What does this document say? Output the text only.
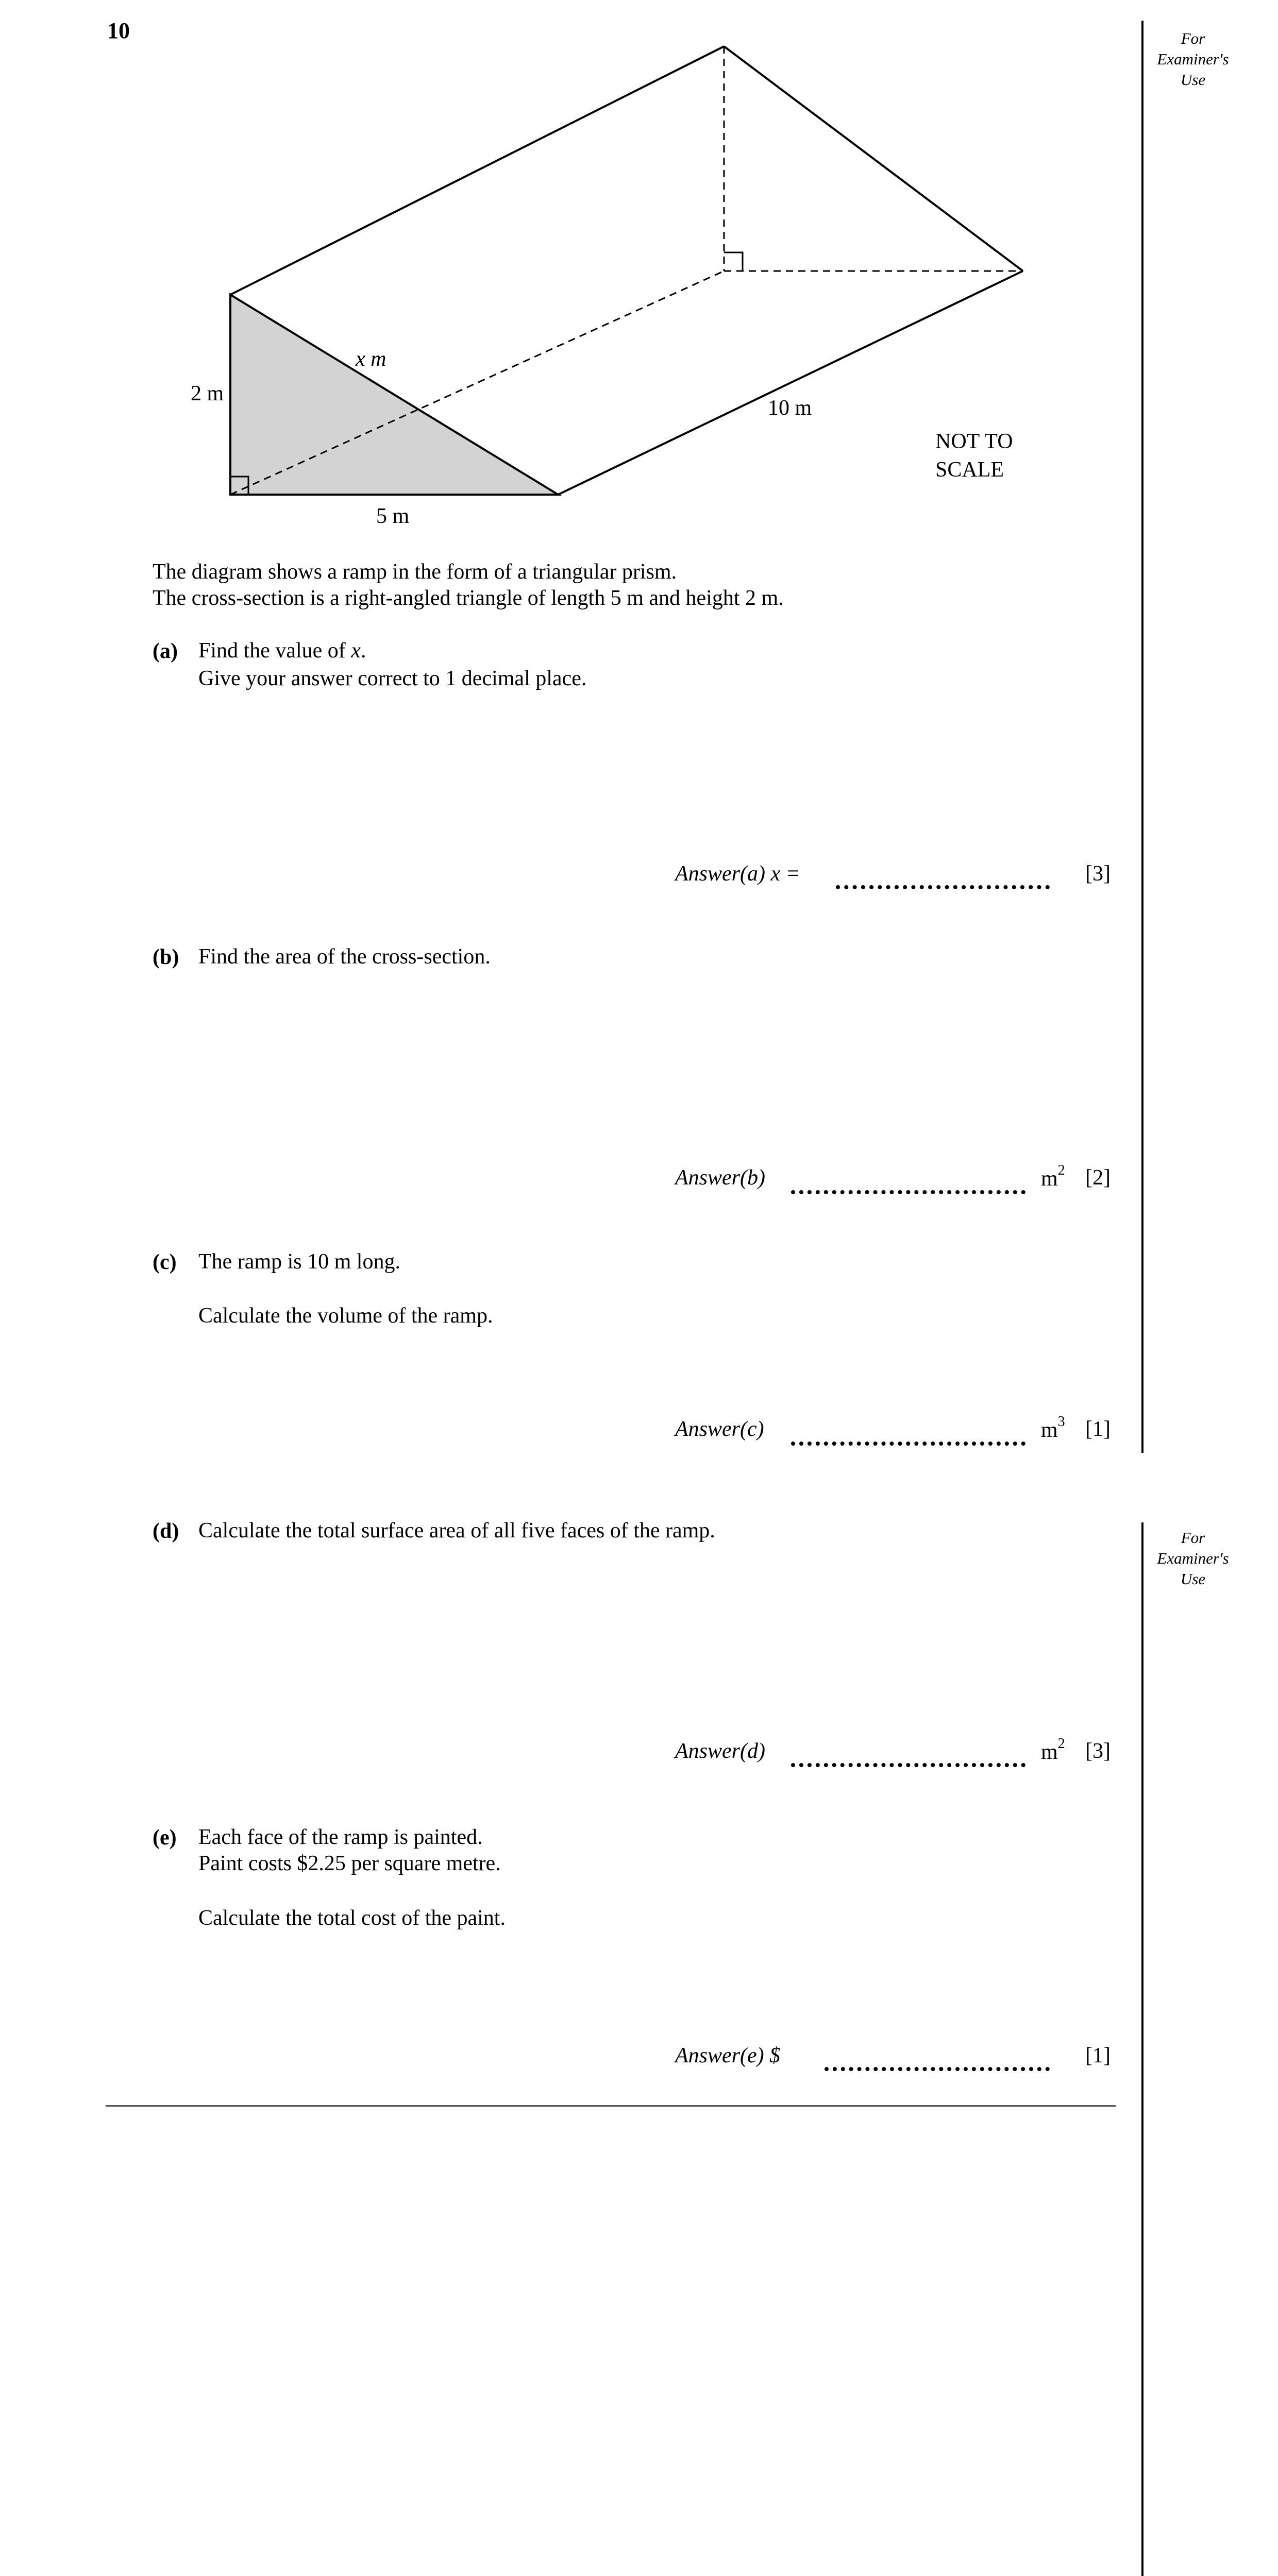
10	For
Examiner's
Use
For
Examiner's
Use
2 m
x m
10 m
5 m
NOT TO
SCALE
The diagram shows a ramp in the form of a triangular prism.
The cross-section is a right-angled triangle of length 5 m and height 2 m.
(a) Find the value of x.
Give your answer correct to 1 decimal place.
Answer(a) x =	[3]
(b) Find the area of the cross-section.
Answer(b)	$m^2$ [2]
(c) The ramp is 10 m long.
Calculate the volume of the ramp.
Answer(c)	$m^3$ [1]
(d) Calculate the total surface area of all five faces of the ramp.
Answer(d)	$m^2$ [3]
(e) Each face of the ramp is painted.
Paint costs $2.25 per square metre.
Calculate the total cost of the paint.
Answer(e) $	[1]
